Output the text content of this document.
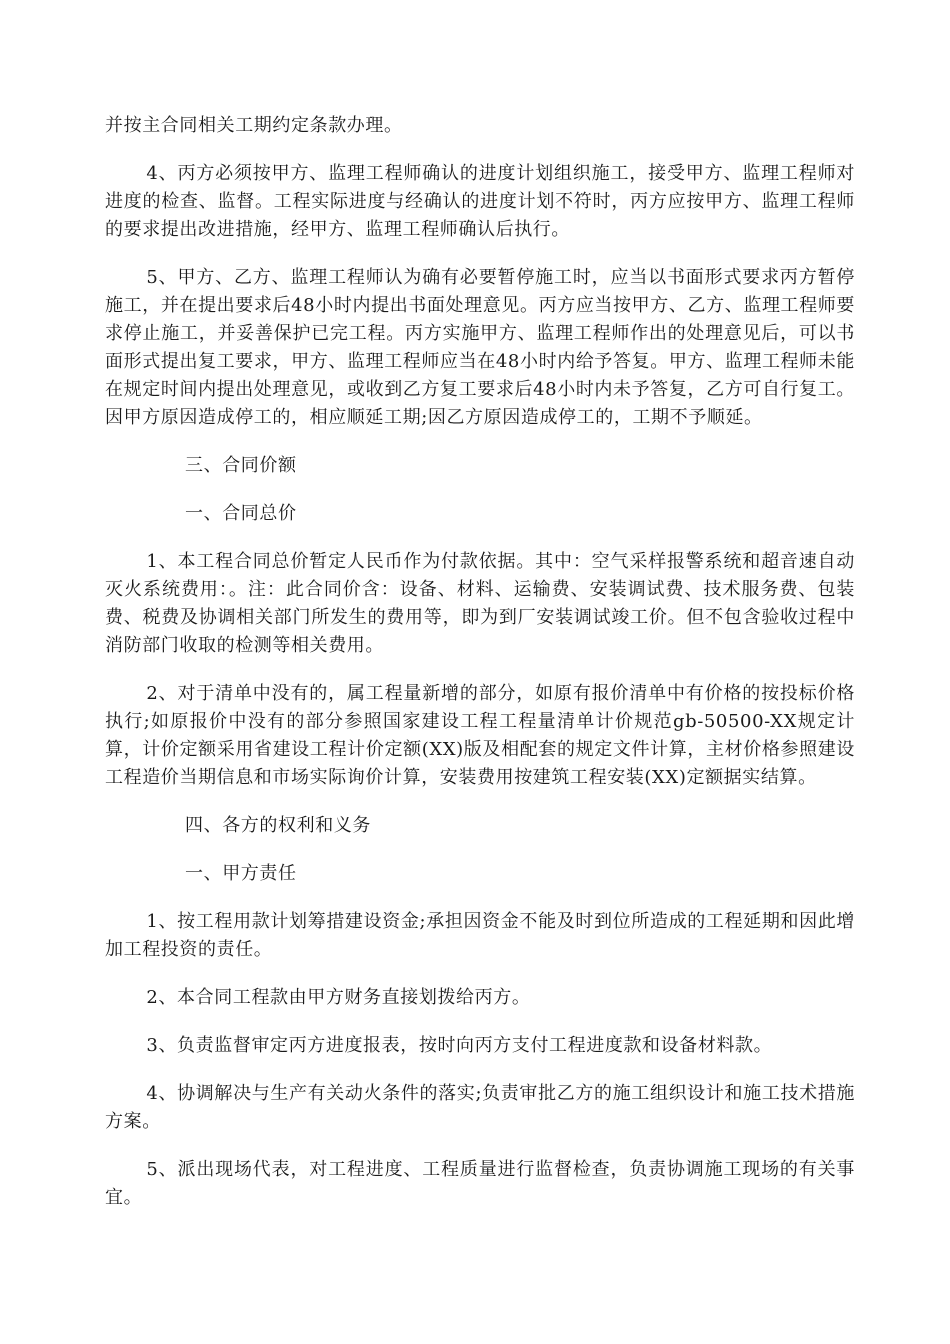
并按主合同相关工期约定条款办理。

4、丙方必须按甲方、监理工程师确认的进度计划组织施工，接受甲方、监理工程师对进度的检查、监督。工程实际进度与经确认的进度计划不符时，丙方应按甲方、监理工程师的要求提出改进措施，经甲方、监理工程师确认后执行。

5、甲方、乙方、监理工程师认为确有必要暂停施工时，应当以书面形式要求丙方暂停施工，并在提出要求后48小时内提出书面处理意见。丙方应当按甲方、乙方、监理工程师要求停止施工，并妥善保护已完工程。丙方实施甲方、监理工程师作出的处理意见后，可以书面形式提出复工要求，甲方、监理工程师应当在48小时内给予答复。甲方、监理工程师未能在规定时间内提出处理意见，或收到乙方复工要求后48小时内未予答复，乙方可自行复工。因甲方原因造成停工的，相应顺延工期;因乙方原因造成停工的，工期不予顺延。

三、合同价额

一、合同总价

1、本工程合同总价暂定人民币作为付款依据。其中：空气采样报警系统和超音速自动灭火系统费用：。注：此合同价含：设备、材料、运输费、安装调试费、技术服务费、包装费、税费及协调相关部门所发生的费用等，即为到厂安装调试竣工价。但不包含验收过程中消防部门收取的检测等相关费用。

2、对于清单中没有的，属工程量新增的部分，如原有报价清单中有价格的按投标价格执行;如原报价中没有的部分参照国家建设工程工程量清单计价规范gb-50500-XX规定计算，计价定额采用省建设工程计价定额(XX)版及相配套的规定文件计算，主材价格参照建设工程造价当期信息和市场实际询价计算，安装费用按建筑工程安装(XX)定额据实结算。

四、各方的权利和义务

一、甲方责任

1、按工程用款计划筹措建设资金;承担因资金不能及时到位所造成的工程延期和因此增加工程投资的责任。

2、本合同工程款由甲方财务直接划拨给丙方。

3、负责监督审定丙方进度报表，按时向丙方支付工程进度款和设备材料款。

4、协调解决与生产有关动火条件的落实;负责审批乙方的施工组织设计和施工技术措施方案。

5、派出现场代表，对工程进度、工程质量进行监督检查，负责协调施工现场的有关事宜。
